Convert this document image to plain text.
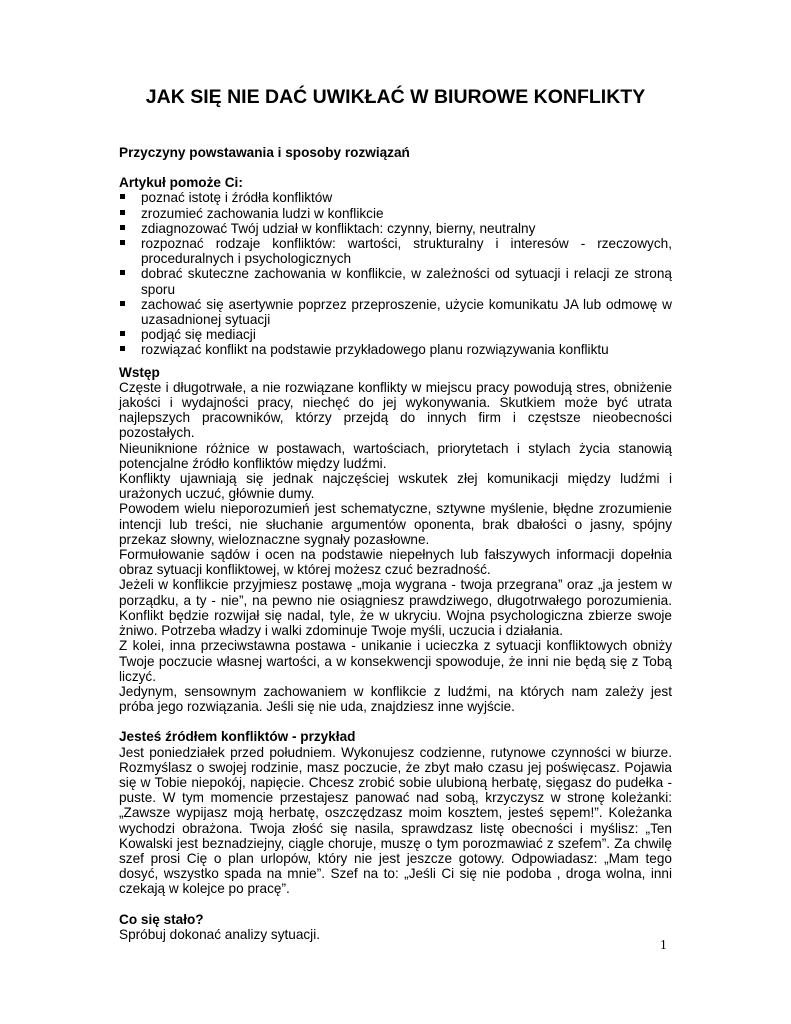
JAK SIĘ NIE DAĆ UWIKŁAĆ W BIUROWE KONFLIKTY
Przyczyny powstawania i sposoby rozwiązań
Artykuł pomoże Ci:
poznać istotę i źródła konfliktów
zrozumieć zachowania ludzi w konflikcie
zdiagnozować Twój udział w konfliktach: czynny, bierny, neutralny
rozpoznać rodzaje konfliktów: wartości, strukturalny i interesów - rzeczowych, proceduralnych i psychologicznych
dobrać skuteczne zachowania w konflikcie, w zależności od sytuacji i relacji ze stroną sporu
zachować się asertywnie poprzez przeproszenie, użycie komunikatu JA lub odmowę w uzasadnionej sytuacji
podjąć się mediacji
rozwiązać konflikt na podstawie przykładowego planu rozwiązywania konfliktu
Wstęp

Częste i długotrwałe, a nie rozwiązane konflikty w miejscu pracy powodują stres, obniżenie jakości i wydajności pracy, niechęć do jej wykonywania. Skutkiem może być utrata najlepszych pracowników, którzy przejdą do innych firm i częstsze nieobecności pozostałych.

Nieuniknione różnice w postawach, wartościach, priorytetach i stylach życia stanowią potencjalne źródło konfliktów między ludźmi.

Konflikty ujawniają się jednak najczęściej wskutek złej komunikacji między ludźmi i urażonych uczuć, głównie dumy.

Powodem wielu nieporozumień jest schematyczne, sztywne myślenie, błędne zrozumienie intencji lub treści, nie słuchanie argumentów oponenta, brak dbałości o jasny, spójny przekaz słowny, wieloznaczne sygnały pozasłowne.

Formułowanie sądów i ocen na podstawie niepełnych lub fałszywych informacji dopełnia obraz sytuacji konfliktowej, w której możesz czuć bezradność.

Jeżeli w konflikcie przyjmiesz postawę „moja wygrana - twoja przegrana” oraz „ja jestem w porządku, a ty - nie”, na pewno nie osiągniesz prawdziwego, długotrwałego porozumienia. Konflikt będzie rozwijał się nadal, tyle, że w ukryciu. Wojna psychologiczna zbierze swoje żniwo. Potrzeba władzy i walki zdominuje Twoje myśli, uczucia i działania.

Z kolei, inna przeciwstawna postawa - unikanie i ucieczka z sytuacji konfliktowych obniży Twoje poczucie własnej wartości, a w konsekwencji spowoduje, że inni nie będą się z Tobą liczyć.

Jedynym, sensownym zachowaniem w konflikcie z ludźmi, na których nam zależy jest próba jego rozwiązania. Jeśli się nie uda, znajdziesz inne wyjście.

Jesteś źródłem konfliktów - przykład

Jest poniedziałek przed południem. Wykonujesz codzienne, rutynowe czynności w biurze. Rozmyślasz o swojej rodzinie, masz poczucie, że zbyt mało czasu jej poświęcasz. Pojawia się w Tobie niepokój, napięcie. Chcesz zrobić sobie ulubioną herbatę, sięgasz do pudełka - puste. W tym momencie przestajesz panować nad sobą, krzyczysz w stronę koleżanki: „Zawsze wypijasz moją herbatę, oszczędzasz moim kosztem, jesteś sępem!”. Koleżanka wychodzi obrażona. Twoja złość się nasila, sprawdzasz listę obecności i myślisz: „Ten Kowalski jest beznadziejny, ciągle choruje, muszę o tym porozmawiać z szefem”. Za chwilę szef prosi Cię o plan urlopów, który nie jest jeszcze gotowy. Odpowiadasz: „Mam tego dosyć, wszystko spada na mnie”. Szef na to: „Jeśli Ci się nie podoba , droga wolna, inni czekają w kolejce po pracę”.

Co się stało?

Spróbuj dokonać analizy sytuacji.

1
